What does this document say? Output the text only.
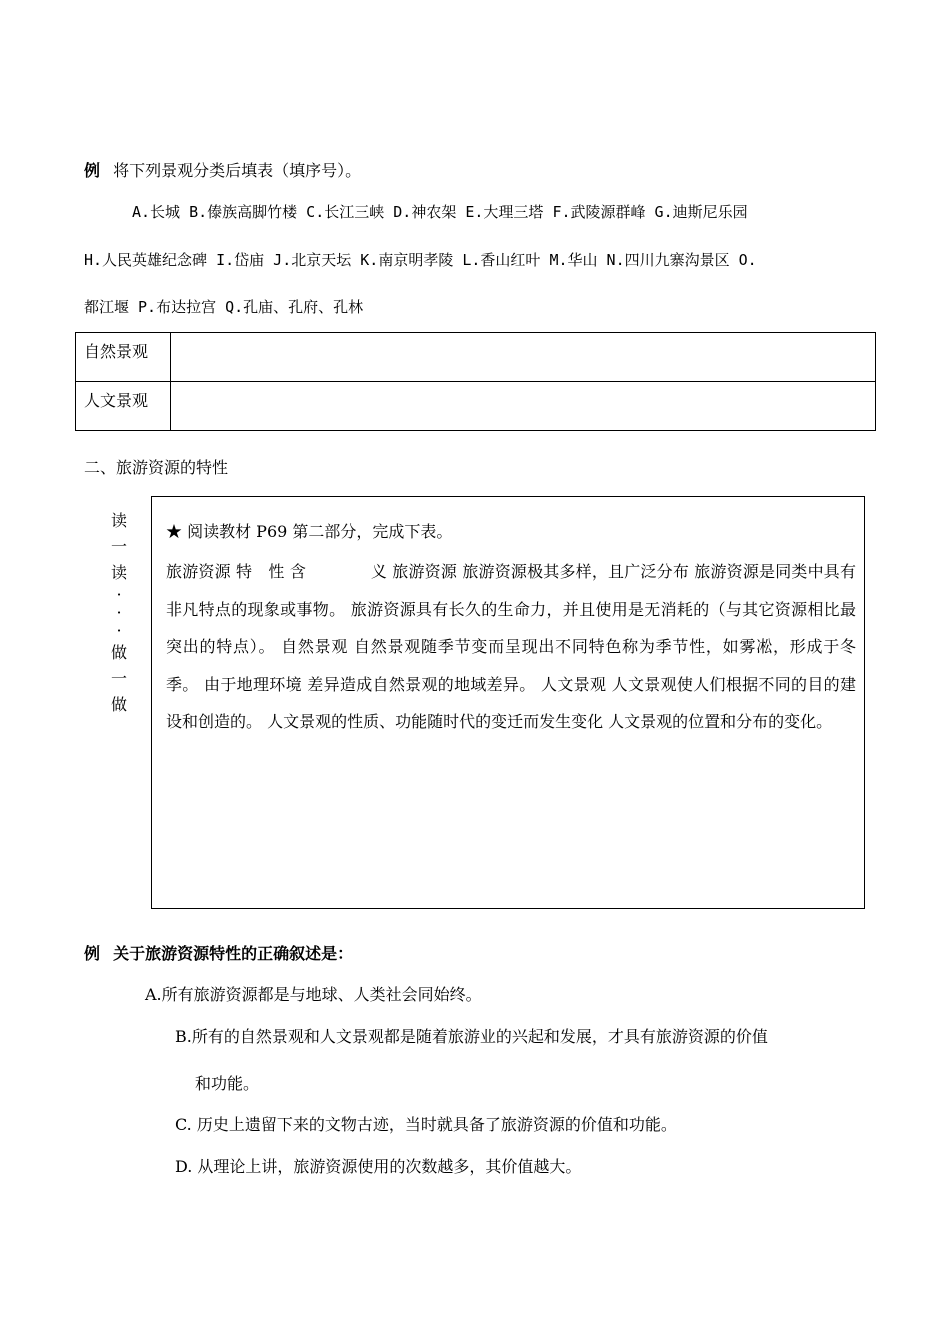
例 将下列景观分类后填表（填序号）。
A.长城 B.傣族高脚竹楼 C.长江三峡 D.神农架 E.大理三塔 F.武陵源群峰 G.迪斯尼乐园
H.人民英雄纪念碑 I.岱庙 J.北京天坛 K.南京明孝陵 L.香山红叶 M.华山 N.四川九寨沟景区 O.
都江堰 P.布达拉宫 Q.孔庙、孔府、孔林
自然景观	
人文景观	
二、旅游资源的特性
读
一
读
·
·
·
做
一
做
★ 阅读教材 P69 第二部分，完成下表。
旅游资源 特　性 含　　　　义 旅游资源 旅游资源极其多样，且广泛分布 旅游资源是同类中具有非凡特点的现象或事物。 旅游资源具有长久的生命力，并且使用是无消耗的（与其它资源相比最突出的特点）。 自然景观 自然景观随季节变而呈现出不同特色称为季节性，如雾凇，形成于冬季。 由于地理环境 差异造成自然景观的地域差异。 人文景观 人文景观使人们根据不同的目的建设和创造的。 人文景观的性质、功能随时代的变迁而发生变化 人文景观的位置和分布的变化。
例 关于旅游资源特性的正确叙述是：
A.所有旅游资源都是与地球、人类社会同始终。
B.所有的自然景观和人文景观都是随着旅游业的兴起和发展，才具有旅游资源的价值
和功能。
C. 历史上遗留下来的文物古迹，当时就具备了旅游资源的价值和功能。
D. 从理论上讲，旅游资源使用的次数越多，其价值越大。
